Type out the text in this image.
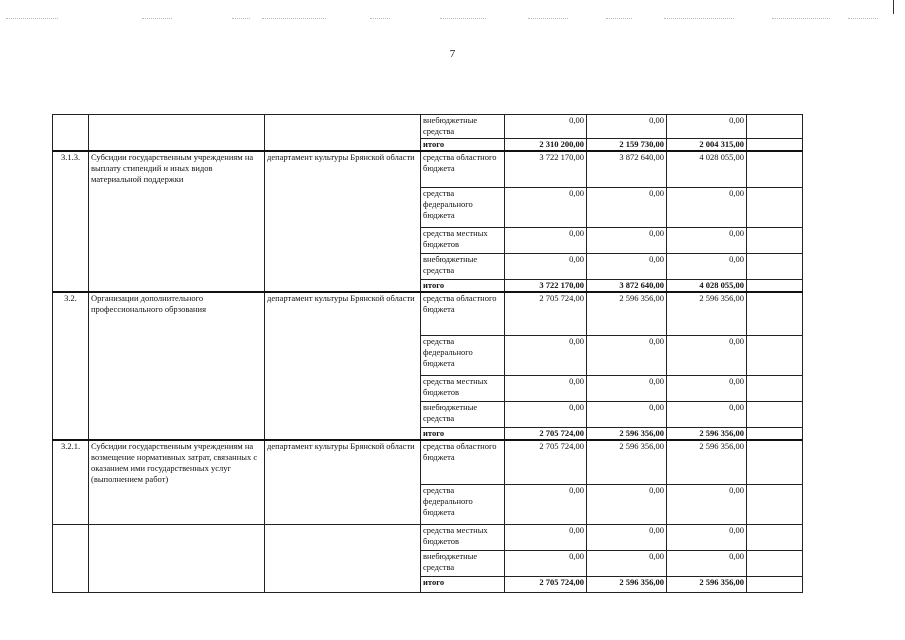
7
			внебюджетные средства	0,00	0,00	0,00	
			итого	2 310 200,00	2 159 730,00	2 004 315,00	
3.1.3.	Субсидии государственным учреждениям на выплату стипендий и иных видов материальной поддержки	департамент культуры Брянской области	средства областного бюджета	3 722 170,00	3 872 640,00	4 028 055,00	
			средства федерального бюджета	0,00	0,00	0,00	
			средства местных бюджетов	0,00	0,00	0,00	
			внебюджетные средства	0,00	0,00	0,00	
			итого	3 722 170,00	3 872 640,00	4 028 055,00	
3.2.	Организации дополнительного профессионального обрзования	департамент культуры Брянской области	средства областного бюджета	2 705 724,00	2 596 356,00	2 596 356,00	
			средства федерального бюджета	0,00	0,00	0,00	
			средства местных бюджетов	0,00	0,00	0,00	
			внебюджетные средства	0,00	0,00	0,00	
			итого	2 705 724,00	2 596 356,00	2 596 356,00	
3.2.1.	Субсидии государственным учреждениям на возмещение нормативных затрат, связанных с оказанием ими государственных услуг (выполнением работ)	департамент культуры Брянской области	средства областного бюджета	2 705 724,00	2 596 356,00	2 596 356,00	
			средства федерального бюджета	0,00	0,00	0,00	
			средства местных бюджетов	0,00	0,00	0,00	
			внебюджетные средства	0,00	0,00	0,00	
			итого	2 705 724,00	2 596 356,00	2 596 356,00	
